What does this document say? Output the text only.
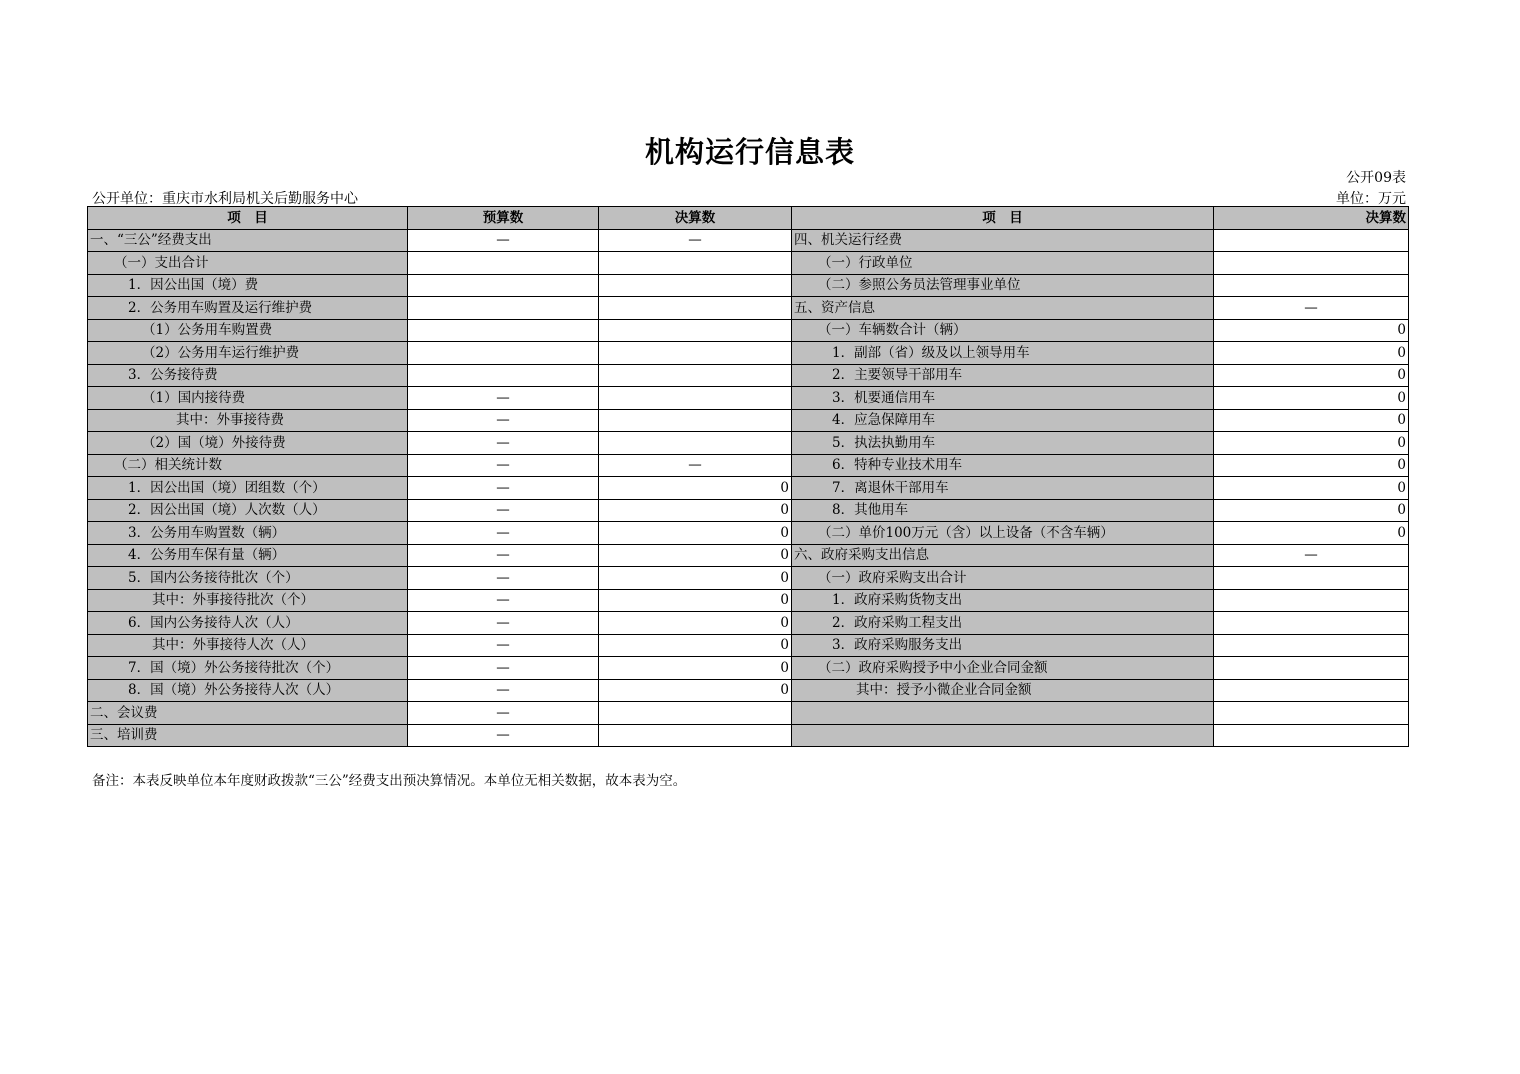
机构运行信息表
公开09表
公开单位：重庆市水利局机关后勤服务中心	单位：万元
项　目	预算数	决算数	项　目	决算数
一、“三公”经费支出	—	—	四、机关运行经费	
（一）支出合计			（一）行政单位	
1．因公出国（境）费			（二）参照公务员法管理事业单位	
2．公务用车购置及运行维护费			五、资产信息	—
（1）公务用车购置费			（一）车辆数合计（辆）	0
（2）公务用车运行维护费			1．副部（省）级及以上领导用车	0
3．公务接待费			2．主要领导干部用车	0
（1）国内接待费	—		3．机要通信用车	0
其中：外事接待费	—		4．应急保障用车	0
（2）国（境）外接待费	—		5．执法执勤用车	0
（二）相关统计数	—	—	6．特种专业技术用车	0
1．因公出国（境）团组数（个）	—	0	7．离退休干部用车	0
2．因公出国（境）人次数（人）	—	0	8．其他用车	0
3．公务用车购置数（辆）	—	0	（二）单价100万元（含）以上设备（不含车辆）	0
4．公务用车保有量（辆）	—	0	六、政府采购支出信息	—
5．国内公务接待批次（个）	—	0	（一）政府采购支出合计	
其中：外事接待批次（个）	—	0	1．政府采购货物支出	
6．国内公务接待人次（人）	—	0	2．政府采购工程支出	
其中：外事接待人次（人）	—	0	3．政府采购服务支出	
7．国（境）外公务接待批次（个）	—	0	（二）政府采购授予中小企业合同金额	
8．国（境）外公务接待人次（人）	—	0	其中：授予小微企业合同金额	
二、会议费	—			
三、培训费	—			
备注：本表反映单位本年度财政拨款“三公”经费支出预决算情况。本单位无相关数据，故本表为空。
